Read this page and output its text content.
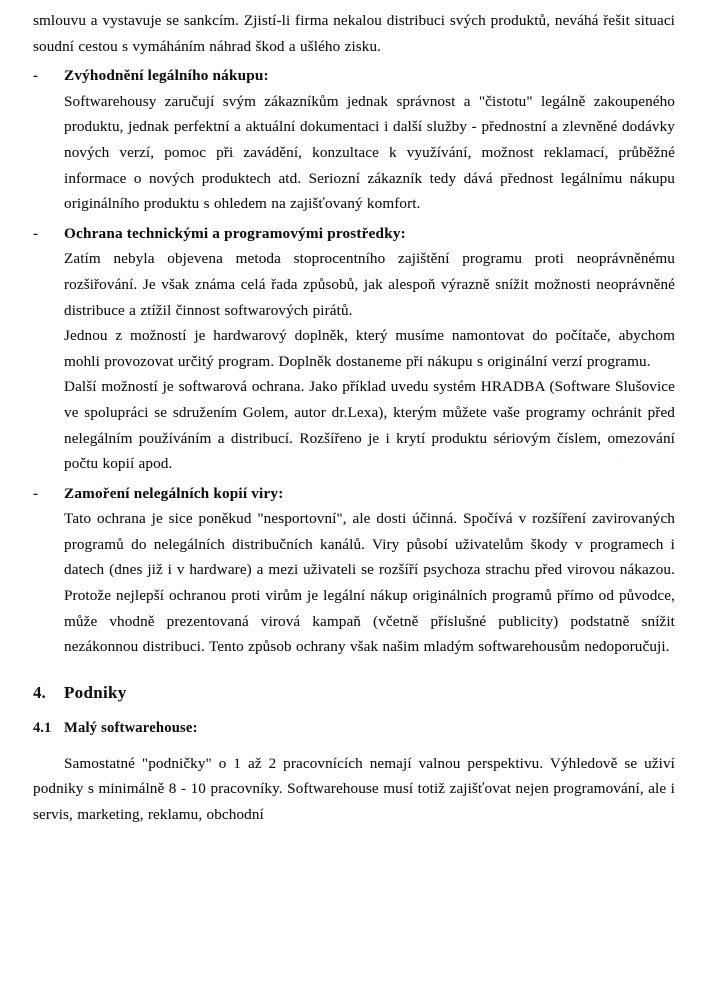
smlouvu a vystavuje se sankcím. Zjistí-li firma nekalou distribuci svých produktů, neváhá řešit situaci soudní cestou s vymáháním náhrad škod a ušlého zisku.

-	Zvýhodnění legálního nákupu:

Softwarehousy zaručují svým zákazníkům jednak správnost a "čistotu" legálně zakoupeného produktu, jednak perfektní a aktuální dokumentaci i další služby - přednostní a zlevněné dodávky nových verzí, pomoc při zavádění, konzultace k využívání, možnost reklamací, průběžné informace o nových produktech atd. Seriozní zákazník tedy dává přednost legálnímu nákupu originálního produktu s ohledem na zajišťovaný komfort.

-	Ochrana technickými a programovými prostředky:

Zatím nebyla objevena metoda stoprocentního zajištění programu proti neoprávněnému rozšiřování. Je však známa celá řada způsobů, jak alespoň výrazně snížit možnosti neoprávněné distribuce a ztížil činnost softwarových pirátů.

Jednou z možností je hardwarový doplněk, který musíme namontovat do počítače, abychom mohli provozovat určitý program. Doplněk dostaneme při nákupu s originální verzí programu.

Další možností je softwarová ochrana. Jako příklad uvedu systém HRADBA (Software Slušovice ve spolupráci se sdružením Golem, autor dr.Lexa), kterým můžete vaše programy ochránit před nelegálním používáním a distribucí. Rozšířeno je i krytí produktu sériovým číslem, omezování počtu kopií apod.

-	Zamoření nelegálních kopií viry:

Tato ochrana je sice poněkud "nesportovní", ale dosti účinná. Spočívá v rozšíření zavirovaných programů do nelegálních distribučních kanálů. Viry působí uživatelům škody v programech i datech (dnes již i v hardware) a mezi uživateli se rozšíří psychoza strachu před virovou nákazou. Protože nejlepší ochranou proti virům je legální nákup originálních programů přímo od původce, může vhodně prezentovaná virová kampaň (včetně příslušné publicity) podstatně snížit nezákonnou distribuci. Tento způsob ochrany však našim mladým softwarehousům nedoporučuji.

4.	Podniky
4.1 Malý softwarehouse:

Samostatné "podničky" o 1 až 2 pracovnících nemají valnou perspektivu. Výhledově se uživí podniky s minimálně 8 - 10 pracovníky. Softwarehouse musí totiž zajišťovat nejen programování, ale i servis, marketing, reklamu, obchodní
